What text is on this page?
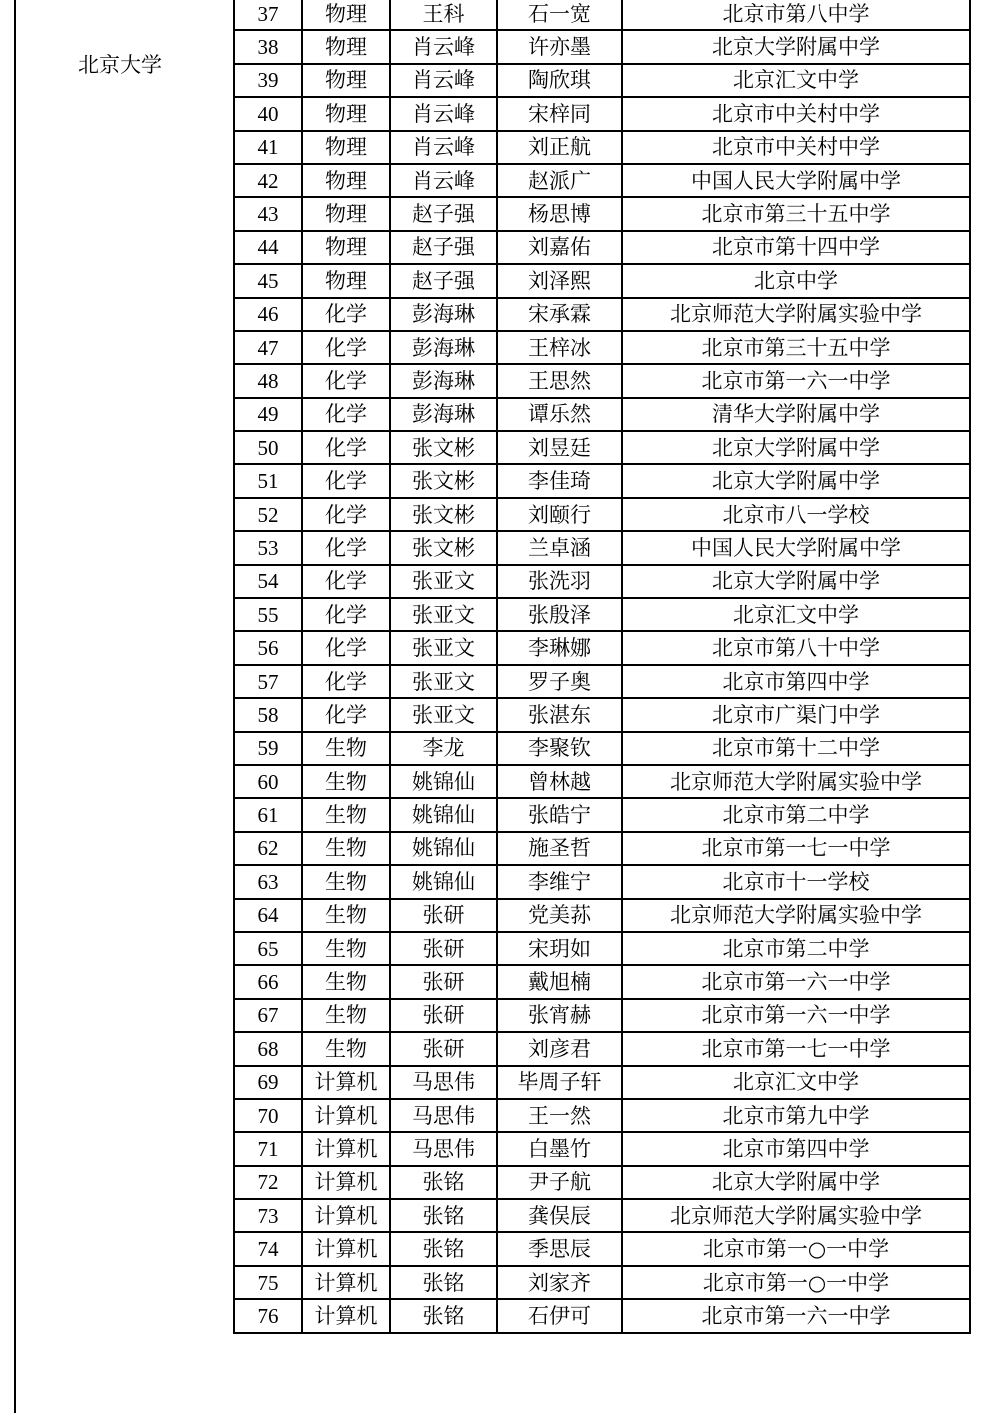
北京大学
37	物理	王科	石一宽	北京市第八中学
38	物理	肖云峰	许亦墨	北京大学附属中学
39	物理	肖云峰	陶欣琪	北京汇文中学
40	物理	肖云峰	宋梓同	北京市中关村中学
41	物理	肖云峰	刘正航	北京市中关村中学
42	物理	肖云峰	赵派广	中国人民大学附属中学
43	物理	赵子强	杨思博	北京市第三十五中学
44	物理	赵子强	刘嘉佑	北京市第十四中学
45	物理	赵子强	刘泽熙	北京中学
46	化学	彭海琳	宋承霖	北京师范大学附属实验中学
47	化学	彭海琳	王梓冰	北京市第三十五中学
48	化学	彭海琳	王思然	北京市第一六一中学
49	化学	彭海琳	谭乐然	清华大学附属中学
50	化学	张文彬	刘昱廷	北京大学附属中学
51	化学	张文彬	李佳琦	北京大学附属中学
52	化学	张文彬	刘颐行	北京市八一学校
53	化学	张文彬	兰卓涵	中国人民大学附属中学
54	化学	张亚文	张洗羽	北京大学附属中学
55	化学	张亚文	张殷泽	北京汇文中学
56	化学	张亚文	李琳娜	北京市第八十中学
57	化学	张亚文	罗子奥	北京市第四中学
58	化学	张亚文	张湛东	北京市广渠门中学
59	生物	李龙	李聚钦	北京市第十二中学
60	生物	姚锦仙	曾林越	北京师范大学附属实验中学
61	生物	姚锦仙	张皓宁	北京市第二中学
62	生物	姚锦仙	施圣哲	北京市第一七一中学
63	生物	姚锦仙	李维宁	北京市十一学校
64	生物	张研	党美荪	北京师范大学附属实验中学
65	生物	张研	宋玥如	北京市第二中学
66	生物	张研	戴旭楠	北京市第一六一中学
67	生物	张研	张宵赫	北京市第一六一中学
68	生物	张研	刘彦君	北京市第一七一中学
69	计算机	马思伟	毕周子轩	北京汇文中学
70	计算机	马思伟	王一然	北京市第九中学
71	计算机	马思伟	白墨竹	北京市第四中学
72	计算机	张铭	尹子航	北京大学附属中学
73	计算机	张铭	龚俣辰	北京师范大学附属实验中学
74	计算机	张铭	季思辰	北京市第一○一中学
75	计算机	张铭	刘家齐	北京市第一○一中学
76	计算机	张铭	石伊可	北京市第一六一中学
